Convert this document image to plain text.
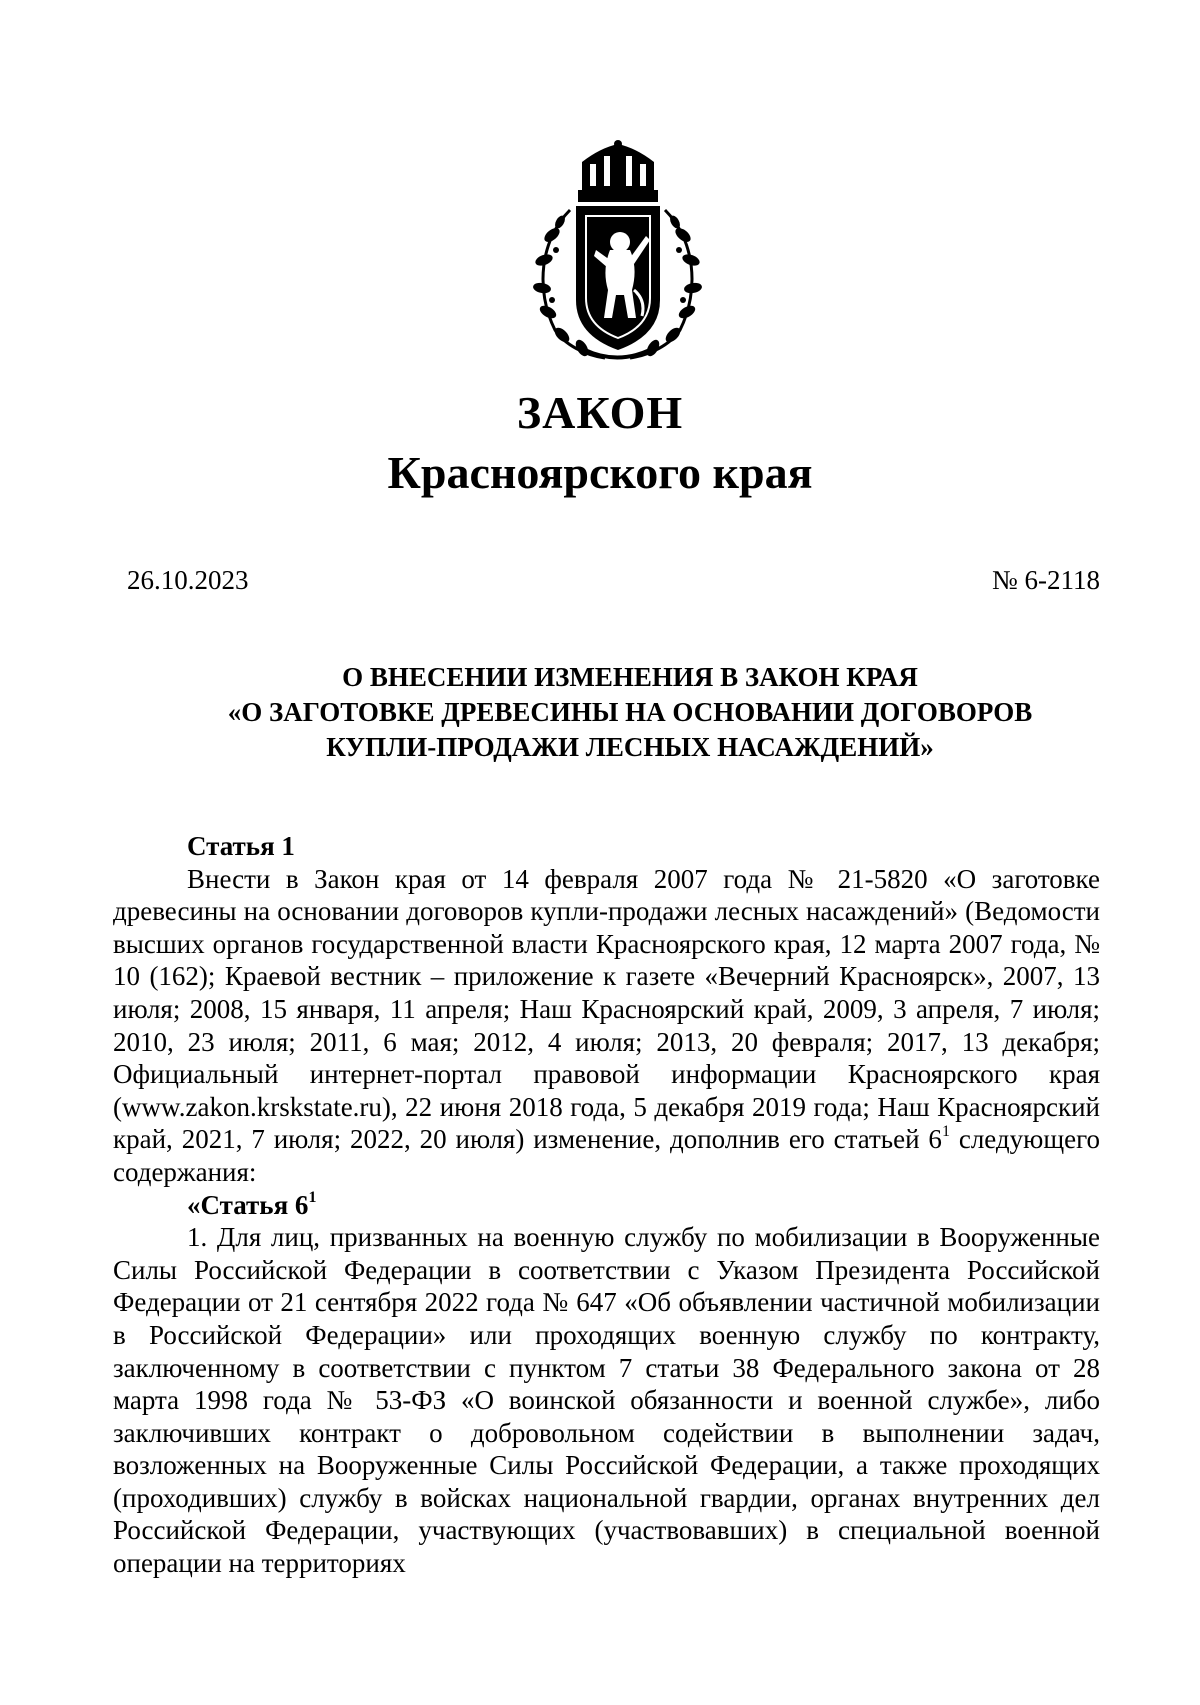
ЗАКОН
Красноярского края
26.10.2023	№ 6-2118
О ВНЕСЕНИИ ИЗМЕНЕНИЯ В ЗАКОН КРАЯ
«О ЗАГОТОВКЕ ДРЕВЕСИНЫ НА ОСНОВАНИИ ДОГОВОРОВ
КУПЛИ-ПРОДАЖИ ЛЕСНЫХ НАСАЖДЕНИЙ»
Статья 1

Внести в Закон края от 14 февраля 2007 года № 21-5820 «О заготовке древесины на основании договоров купли-продажи лесных насаждений» (Ведомости высших органов государственной власти Красноярского края, 12 марта 2007 года, № 10 (162); Краевой вестник – приложение к газете «Вечерний Красноярск», 2007, 13 июля; 2008, 15 января, 11 апреля; Наш Красноярский край, 2009, 3 апреля, 7 июля; 2010, 23 июля; 2011, 6 мая; 2012, 4 июля; 2013, 20 февраля; 2017, 13 декабря; Официальный интернет-портал правовой информации Красноярского края (www.zakon.krskstate.ru), 22 июня 2018 года, 5 декабря 2019 года; Наш Красноярский край, 2021, 7 июля; 2022, 20 июля) изменение, дополнив его статьей $6^1$ следующего содержания:

«Статья $6^1$

1. Для лиц, призванных на военную службу по мобилизации в Вооруженные Силы Российской Федерации в соответствии с Указом Президента Российской Федерации от 21 сентября 2022 года № 647 «Об объявлении частичной мобилизации в Российской Федерации» или проходящих военную службу по контракту, заключенному в соответствии с пунктом 7 статьи 38 Федерального закона от 28 марта 1998 года № 53-ФЗ «О воинской обязанности и военной службе», либо заключивших контракт о добровольном содействии в выполнении задач, возложенных на Вооруженные Силы Российской Федерации, а также проходящих (проходивших) службу в войсках национальной гвардии, органах внутренних дел Российской Федерации, участвующих (участвовавших) в специальной военной операции на территориях
